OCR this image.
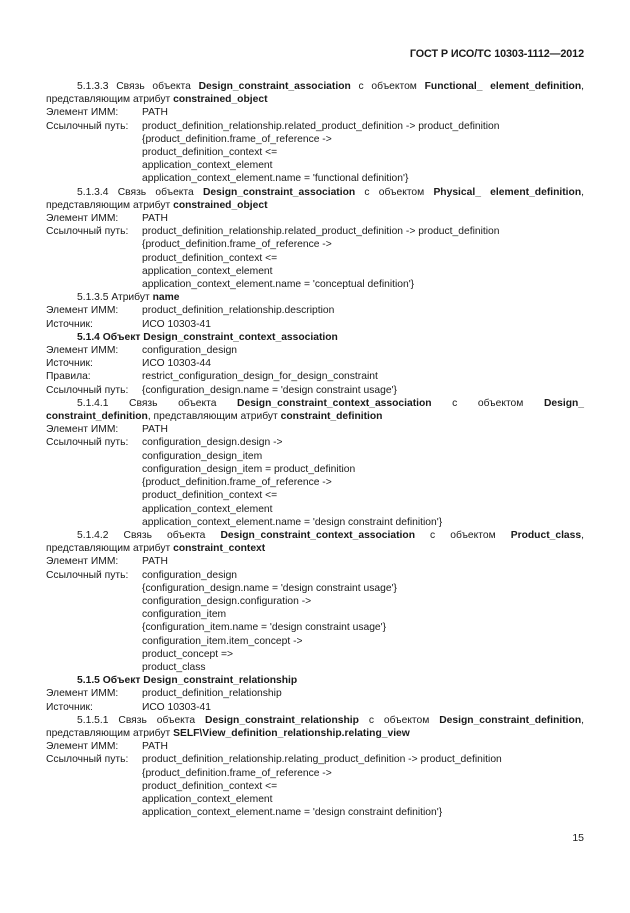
ГОСТ Р ИСО/ТС 10303-1112—2012
5.1.3.3 Связь объекта Design_constraint_association с объектом Functional_ element_definition, представляющим атрибут constrained_object
Элемент ИММ:	PATH
Ссылочный путь:	product_definition_relationship.related_product_definition -> product_definition
{product_definition.frame_of_reference ->
product_definition_context <=
application_context_element
application_context_element.name = 'functional definition'}
5.1.3.4 Связь объекта Design_constraint_association с объектом Physical_ element_definition, представляющим атрибут constrained_object
Элемент ИММ:	PATH
Ссылочный путь:	product_definition_relationship.related_product_definition -> product_definition
{product_definition.frame_of_reference ->
product_definition_context <=
application_context_element
application_context_element.name = 'conceptual definition'}
5.1.3.5 Атрибут name
Элемент ИММ:	product_definition_relationship.description
Источник:	ИСО 10303-41
5.1.4 Объект Design_constraint_context_association
Элемент ИММ:	configuration_design
Источник:	ИСО 10303-44
Правила:	restrict_configuration_design_for_design_constraint
Ссылочный путь:	{configuration_design.name = 'design constraint usage'}
5.1.4.1 Связь объекта Design_constraint_context_association с объектом Design_ constraint_definition, представляющим атрибут constraint_definition
Элемент ИММ:	PATH
Ссылочный путь:	configuration_design.design ->
configuration_design_item
configuration_design_item = product_definition
{product_definition.frame_of_reference ->
product_definition_context <=
application_context_element
application_context_element.name = 'design constraint definition'}
5.1.4.2 Связь объекта Design_constraint_context_association с объектом Product_class, представляющим атрибут constraint_context
Элемент ИММ:	PATH
Ссылочный путь:	configuration_design
{configuration_design.name = 'design constraint usage'}
configuration_design.configuration ->
configuration_item
{configuration_item.name = 'design constraint usage'}
configuration_item.item_concept ->
product_concept =>
product_class
5.1.5 Объект Design_constraint_relationship
Элемент ИММ:	product_definition_relationship
Источник:	ИСО 10303-41
5.1.5.1 Связь объекта Design_constraint_relationship с объектом Design_constraint_definition, представляющим атрибут SELF\View_definition_relationship.relating_view
Элемент ИММ:	PATH
Ссылочный путь:	product_definition_relationship.relating_product_definition -> product_definition
{product_definition.frame_of_reference ->
product_definition_context <=
application_context_element
application_context_element.name = 'design constraint definition'}
15
